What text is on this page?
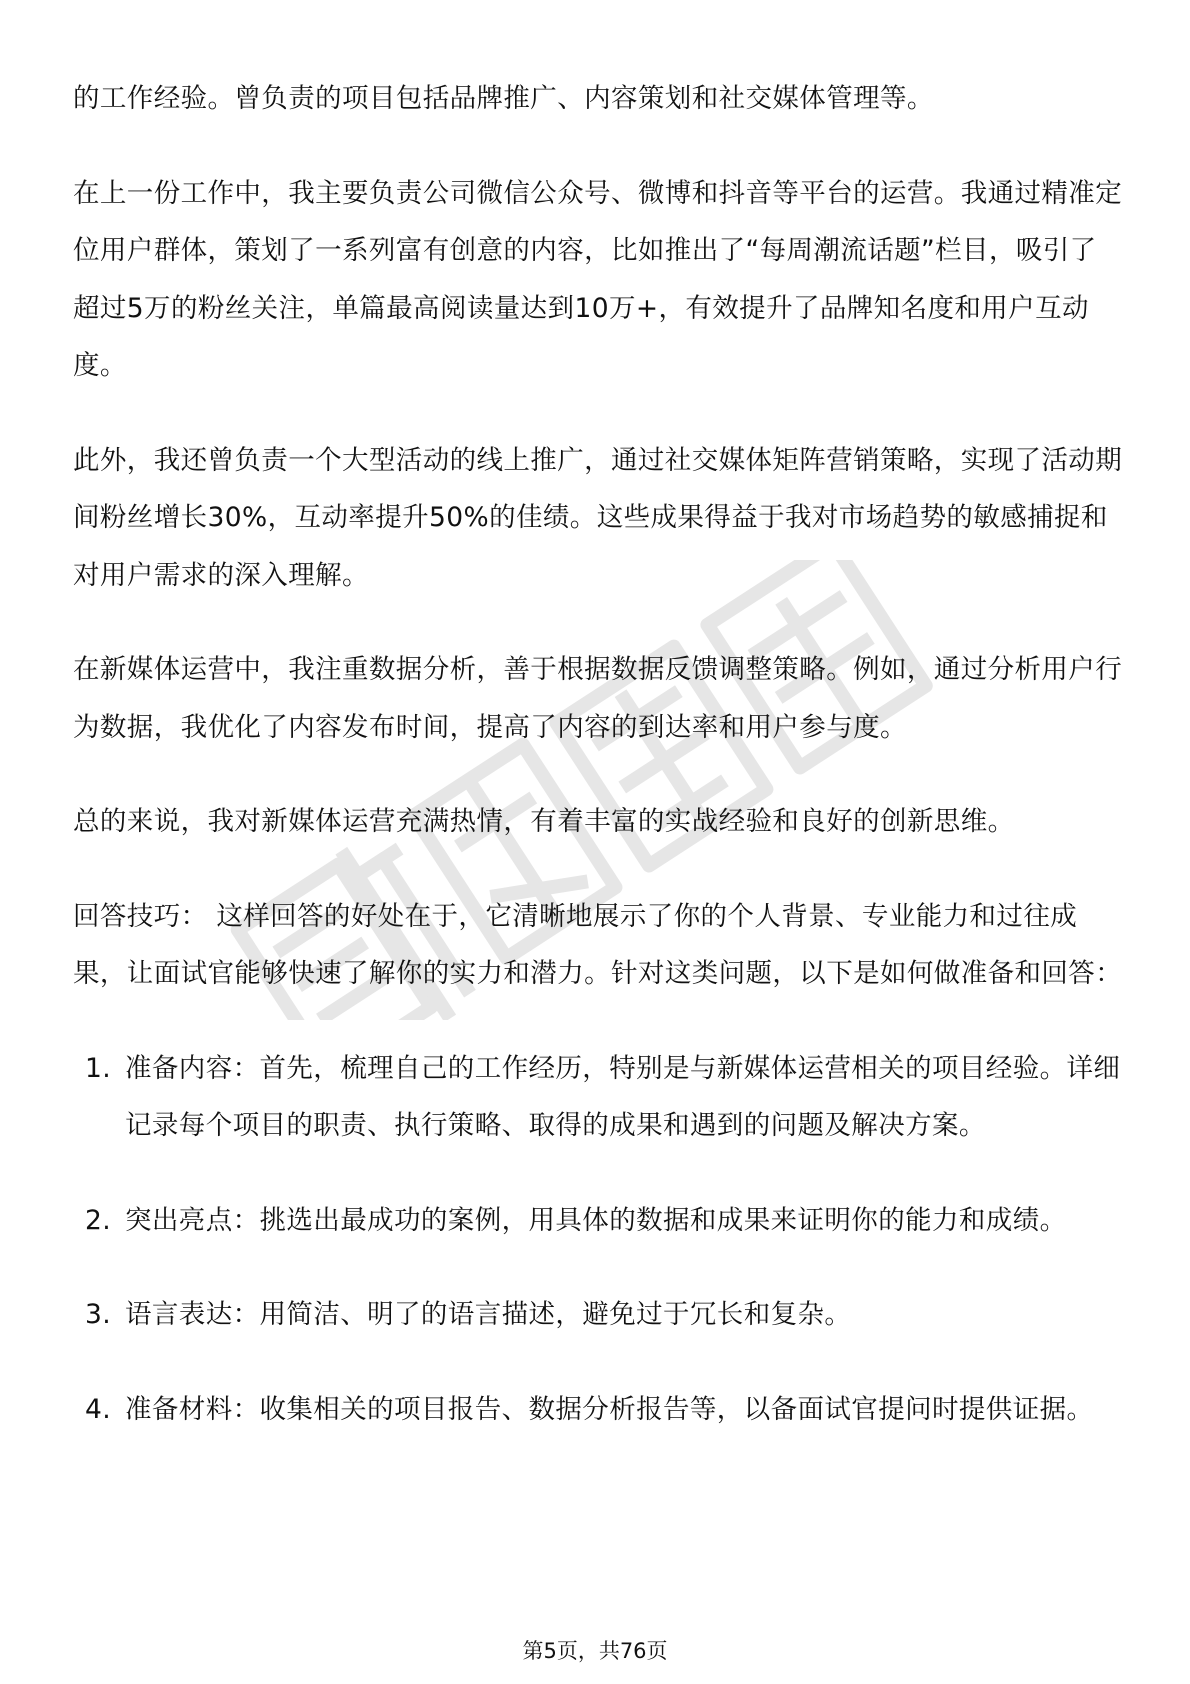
的工作经验。曾负责的项目包括品牌推广、内容策划和社交媒体管理等。

在上一份工作中，我主要负责公司微信公众号、微博和抖音等平台的运营。我通过精准定位用户群体，策划了一系列富有创意的内容，比如推出了“每周潮流话题”栏目，吸引了超过5万的粉丝关注，单篇最高阅读量达到10万+，有效提升了品牌知名度和用户互动度。

此外，我还曾负责一个大型活动的线上推广，通过社交媒体矩阵营销策略，实现了活动期间粉丝增长30%，互动率提升50%的佳绩。这些成果得益于我对市场趋势的敏感捕捉和对用户需求的深入理解。

在新媒体运营中，我注重数据分析，善于根据数据反馈调整策略。例如，通过分析用户行为数据，我优化了内容发布时间，提高了内容的到达率和用户参与度。

总的来说，我对新媒体运营充满热情，有着丰富的实战经验和良好的创新思维。

回答技巧： 这样回答的好处在于，它清晰地展示了你的个人背景、专业能力和过往成果，让面试官能够快速了解你的实力和潜力。针对这类问题，以下是如何做准备和回答：

1. 准备内容：首先，梳理自己的工作经历，特别是与新媒体运营相关的项目经验。详细记录每个项目的职责、执行策略、取得的成果和遇到的问题及解决方案。
2. 突出亮点：挑选出最成功的案例，用具体的数据和成果来证明你的能力和成绩。
3. 语言表达：用简洁、明了的语言描述，避免过于冗长和复杂。
4. 准备材料：收集相关的项目报告、数据分析报告等，以备面试官提问时提供证据。
第5页，共76页
